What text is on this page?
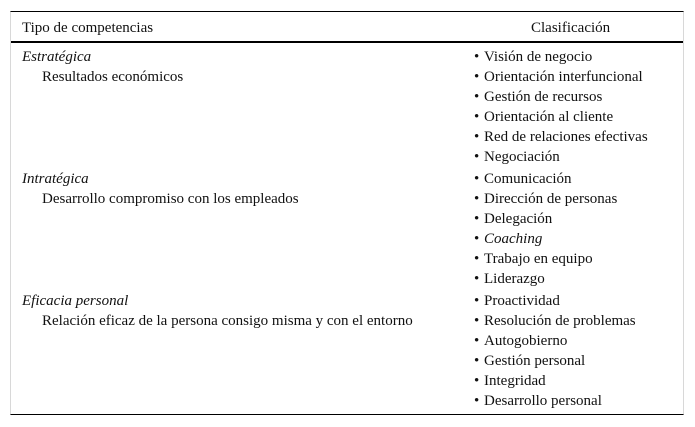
Tipo de competencias	Clasificación
Estratégica
Resultados económicos
• Visión de negocio
• Orientación interfuncional
• Gestión de recursos
• Orientación al cliente
• Red de relaciones efectivas
• Negociación
Intratégica
Desarrollo compromiso con los empleados
• Comunicación
• Dirección de personas
• Delegación
• Coaching
• Trabajo en equipo
• Liderazgo
Eficacia personal
Relación eficaz de la persona consigo misma y con el entorno
• Proactividad
• Resolución de problemas
• Autogobierno
• Gestión personal
• Integridad
• Desarrollo personal
